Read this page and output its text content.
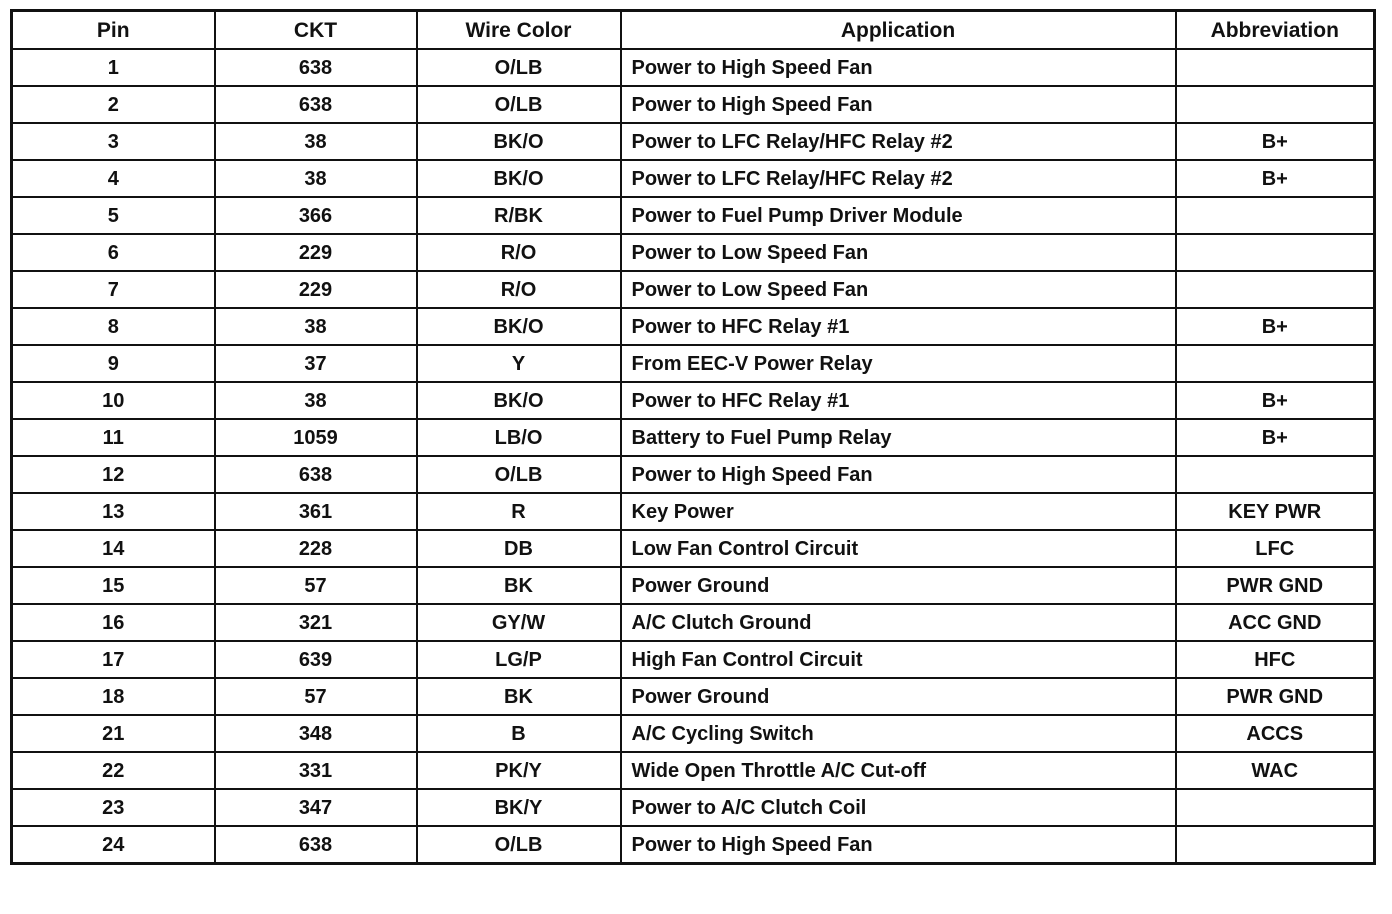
Pin	CKT	Wire Color	Application	Abbreviation
1	638	O/LB	Power to High Speed Fan	
2	638	O/LB	Power to High Speed Fan	
3	38	BK/O	Power to LFC Relay/HFC Relay #2	B+
4	38	BK/O	Power to LFC Relay/HFC Relay #2	B+
5	366	R/BK	Power to Fuel Pump Driver Module	
6	229	R/O	Power to Low Speed Fan	
7	229	R/O	Power to Low Speed Fan	
8	38	BK/O	Power to HFC Relay #1	B+
9	37	Y	From EEC-V Power Relay	
10	38	BK/O	Power to HFC Relay #1	B+
11	1059	LB/O	Battery to Fuel Pump Relay	B+
12	638	O/LB	Power to High Speed Fan	
13	361	R	Key Power	KEY PWR
14	228	DB	Low Fan Control Circuit	LFC
15	57	BK	Power Ground	PWR GND
16	321	GY/W	A/C Clutch Ground	ACC GND
17	639	LG/P	High Fan Control Circuit	HFC
18	57	BK	Power Ground	PWR GND
21	348	B	A/C Cycling Switch	ACCS
22	331	PK/Y	Wide Open Throttle A/C Cut-off	WAC
23	347	BK/Y	Power to A/C Clutch Coil	
24	638	O/LB	Power to High Speed Fan	
